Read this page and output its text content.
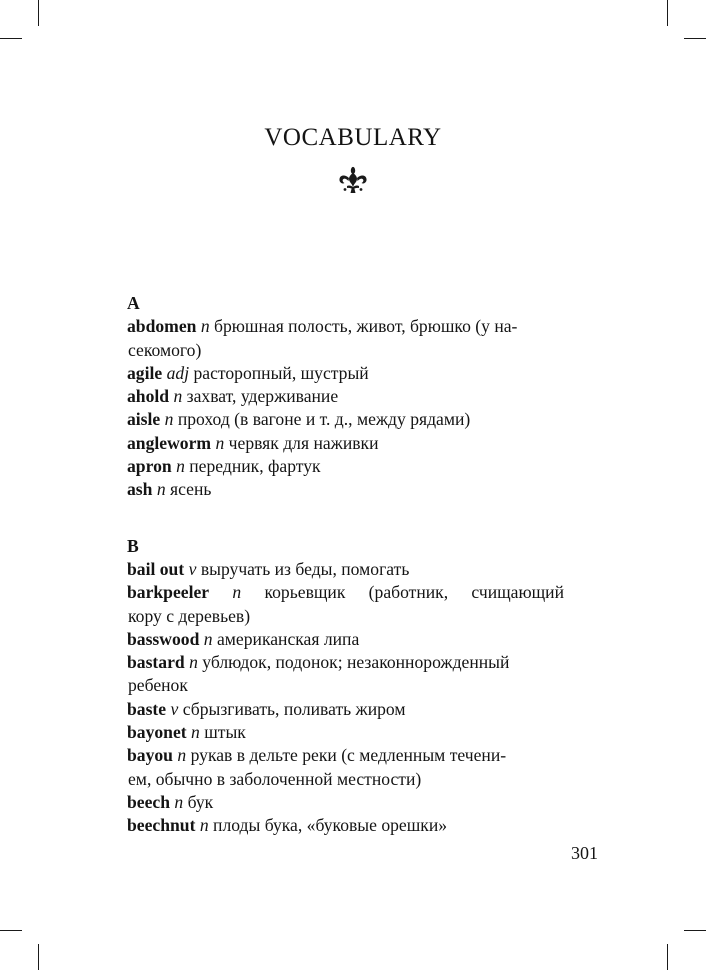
VOCABULARY
A
abdomen n брюшная полость, живот, брюшко (у на-
секомого)
agile adj расторопный, шустрый
ahold n захват, удерживание
aisle n проход (в вагоне и т. д., между рядами)
angleworm n червяк для наживки
apron n передник, фартук
ash n ясень
B
bail out v выручать из беды, помогать
barkpeeler n корьевщик (работник, счищающий
кору с деревьев)
basswood n американская липа
bastard n ублюдок, подонок; незаконнорожденный
ребенок
baste v сбрызгивать, поливать жиром
bayonet n штык
bayou n рукав в дельте реки (с медленным течени-
ем, обычно в заболоченной местности)
beech n бук
beechnut n плоды бука, «буковые орешки»
301
